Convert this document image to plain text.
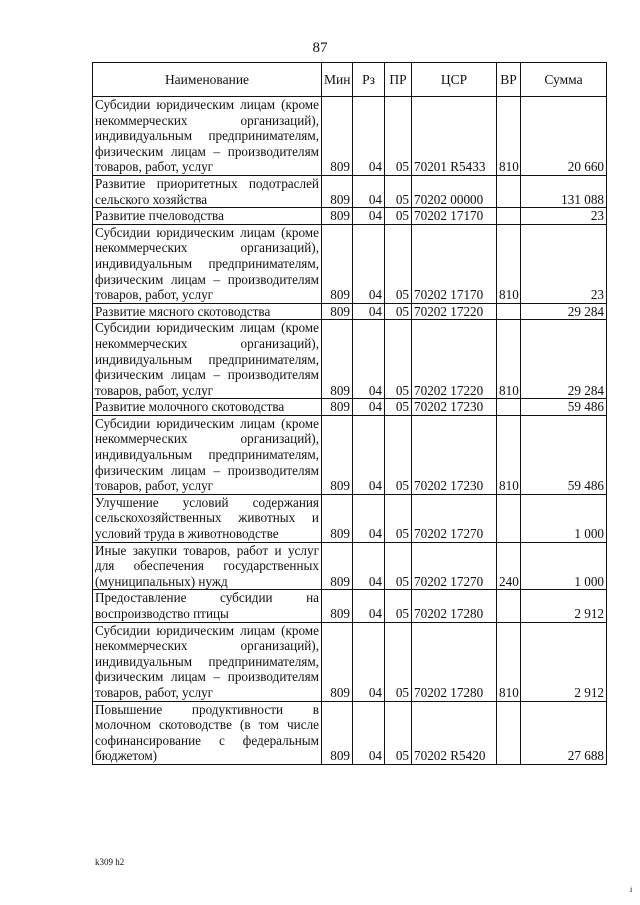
87
Наименование	Мин	Рз	ПР	ЦСР	ВР	Сумма
Субсидии юридическим лицам (кроме некоммерческих организаций), индивидуальным предпринимателям, физическим лицам – производителям товаров, работ, услуг	809	04	05	70201 R5433	810	20 660
Развитие приоритетных подотраслей сельского хозяйства	809	04	05	70202 00000		131 088
Развитие пчеловодства	809	04	05	70202 17170		23
Субсидии юридическим лицам (кроме некоммерческих организаций), индивидуальным предпринимателям, физическим лицам – производителям товаров, работ, услуг	809	04	05	70202 17170	810	23
Развитие мясного скотоводства	809	04	05	70202 17220		29 284
Субсидии юридическим лицам (кроме некоммерческих организаций), индивидуальным предпринимателям, физическим лицам – производителям товаров, работ, услуг	809	04	05	70202 17220	810	29 284
Развитие молочного скотоводства	809	04	05	70202 17230		59 486
Субсидии юридическим лицам (кроме некоммерческих организаций), индивидуальным предпринимателям, физическим лицам – производителям товаров, работ, услуг	809	04	05	70202 17230	810	59 486
Улучшение условий содержания сельскохозяйственных животных и условий труда в животноводстве	809	04	05	70202 17270		1 000
Иные закупки товаров, работ и услуг для обеспечения государственных (муниципальных) нужд	809	04	05	70202 17270	240	1 000
Предоставление субсидии на воспроизводство птицы	809	04	05	70202 17280		2 912
Субсидии юридическим лицам (кроме некоммерческих организаций), индивидуальным предпринимателям, физическим лицам – производителям товаров, работ, услуг	809	04	05	70202 17280	810	2 912
Повышение продуктивности в молочном скотоводстве (в том числе софинансирование с федеральным бюджетом)	809	04	05	70202 R5420		27 688
k309 h2
i
